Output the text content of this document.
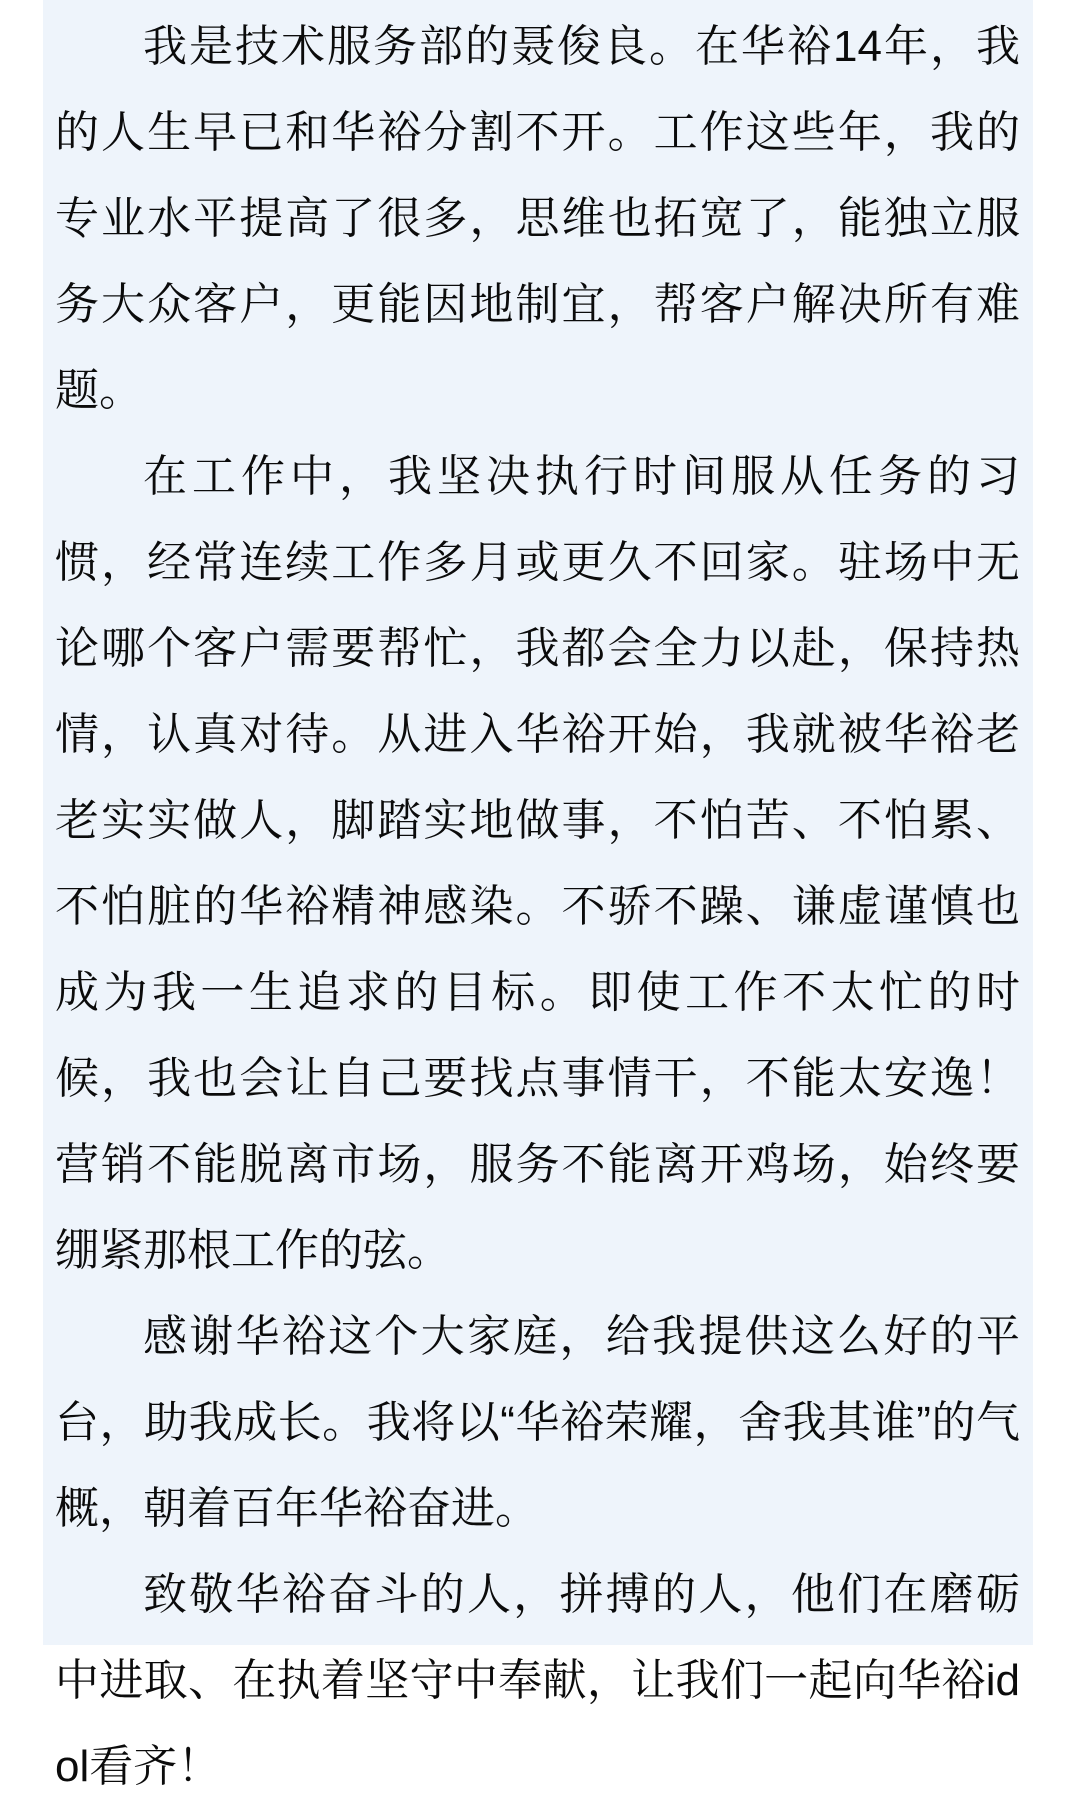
我是技术服务部的聂俊良。在华裕14年，我的人生早已和华裕分割不开。工作这些年，我的专业水平提高了很多，思维也拓宽了，能独立服务大众客户，更能因地制宜，帮客户解决所有难题。

在工作中，我坚决执行时间服从任务的习惯，经常连续工作多月或更久不回家。驻场中无论哪个客户需要帮忙，我都会全力以赴，保持热情，认真对待。从进入华裕开始，我就被华裕老老实实做人，脚踏实地做事，不怕苦、不怕累、不怕脏的华裕精神感染。不骄不躁、谦虚谨慎也成为我一生追求的目标。即使工作不太忙的时候，我也会让自己要找点事情干，不能太安逸！营销不能脱离市场，服务不能离开鸡场，始终要绷紧那根工作的弦。

感谢华裕这个大家庭，给我提供这么好的平台，助我成长。我将以“华裕荣耀，舍我其谁”的气概，朝着百年华裕奋进。

致敬华裕奋斗的人，拼搏的人，他们在磨砺中进取、在执着坚守中奉献，让我们一起向华裕idol看齐！
